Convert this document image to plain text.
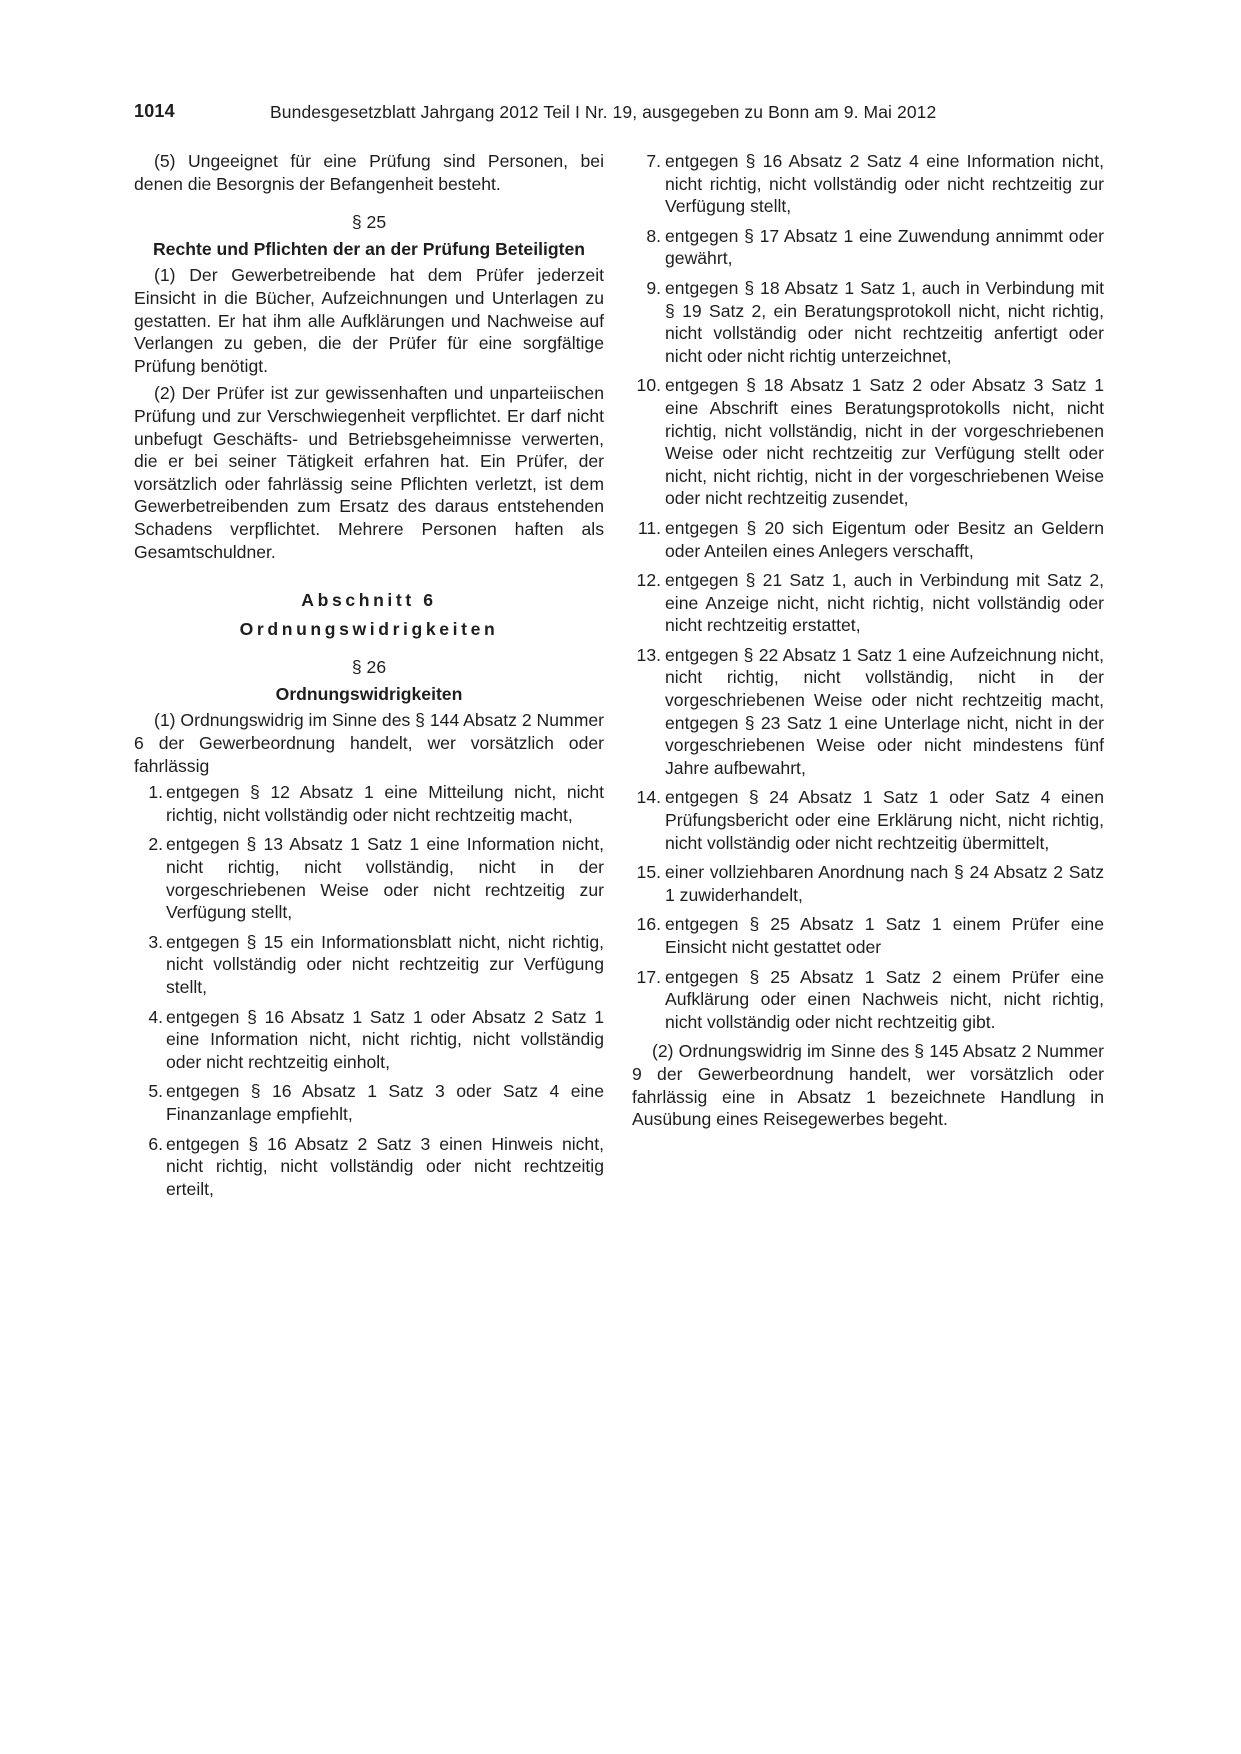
1014	Bundesgesetzblatt Jahrgang 2012 Teil I Nr. 19, ausgegeben zu Bonn am 9. Mai 2012

(5) Ungeeignet für eine Prüfung sind Personen, bei denen die Besorgnis der Befangenheit besteht.

§ 25

Rechte und Pflichten der an der Prüfung Beteiligten

(1) Der Gewerbetreibende hat dem Prüfer jederzeit Einsicht in die Bücher, Aufzeichnungen und Unterlagen zu gestatten. Er hat ihm alle Aufklärungen und Nachweise auf Verlangen zu geben, die der Prüfer für eine sorgfältige Prüfung benötigt.

(2) Der Prüfer ist zur gewissenhaften und unparteiischen Prüfung und zur Verschwiegenheit verpflichtet. Er darf nicht unbefugt Geschäfts- und Betriebsgeheimnisse verwerten, die er bei seiner Tätigkeit erfahren hat. Ein Prüfer, der vorsätzlich oder fahrlässig seine Pflichten verletzt, ist dem Gewerbetreibenden zum Ersatz des daraus entstehenden Schadens verpflichtet. Mehrere Personen haften als Gesamtschuldner.

Abschnitt 6

Ordnungswidrigkeiten

§ 26

Ordnungswidrigkeiten

(1) Ordnungswidrig im Sinne des § 144 Absatz 2 Nummer 6 der Gewerbeordnung handelt, wer vorsätzlich oder fahrlässig

1. entgegen § 12 Absatz 1 eine Mitteilung nicht, nicht richtig, nicht vollständig oder nicht rechtzeitig macht,
2. entgegen § 13 Absatz 1 Satz 1 eine Information nicht, nicht richtig, nicht vollständig, nicht in der vorgeschriebenen Weise oder nicht rechtzeitig zur Verfügung stellt,
3. entgegen § 15 ein Informationsblatt nicht, nicht richtig, nicht vollständig oder nicht rechtzeitig zur Verfügung stellt,
4. entgegen § 16 Absatz 1 Satz 1 oder Absatz 2 Satz 1 eine Information nicht, nicht richtig, nicht vollständig oder nicht rechtzeitig einholt,
5. entgegen § 16 Absatz 1 Satz 3 oder Satz 4 eine Finanzanlage empfiehlt,
6. entgegen § 16 Absatz 2 Satz 3 einen Hinweis nicht, nicht richtig, nicht vollständig oder nicht rechtzeitig erteilt,
7. entgegen § 16 Absatz 2 Satz 4 eine Information nicht, nicht richtig, nicht vollständig oder nicht rechtzeitig zur Verfügung stellt,
8. entgegen § 17 Absatz 1 eine Zuwendung annimmt oder gewährt,
9. entgegen § 18 Absatz 1 Satz 1, auch in Verbindung mit § 19 Satz 2, ein Beratungsprotokoll nicht, nicht richtig, nicht vollständig oder nicht rechtzeitig anfertigt oder nicht oder nicht richtig unterzeichnet,
10. entgegen § 18 Absatz 1 Satz 2 oder Absatz 3 Satz 1 eine Abschrift eines Beratungsprotokolls nicht, nicht richtig, nicht vollständig, nicht in der vorgeschriebenen Weise oder nicht rechtzeitig zur Verfügung stellt oder nicht, nicht richtig, nicht in der vorgeschriebenen Weise oder nicht rechtzeitig zusendet,
11. entgegen § 20 sich Eigentum oder Besitz an Geldern oder Anteilen eines Anlegers verschafft,
12. entgegen § 21 Satz 1, auch in Verbindung mit Satz 2, eine Anzeige nicht, nicht richtig, nicht vollständig oder nicht rechtzeitig erstattet,
13. entgegen § 22 Absatz 1 Satz 1 eine Aufzeichnung nicht, nicht richtig, nicht vollständig, nicht in der vorgeschriebenen Weise oder nicht rechtzeitig macht, entgegen § 23 Satz 1 eine Unterlage nicht, nicht in der vorgeschriebenen Weise oder nicht mindestens fünf Jahre aufbewahrt,
14. entgegen § 24 Absatz 1 Satz 1 oder Satz 4 einen Prüfungsbericht oder eine Erklärung nicht, nicht richtig, nicht vollständig oder nicht rechtzeitig übermittelt,
15. einer vollziehbaren Anordnung nach § 24 Absatz 2 Satz 1 zuwiderhandelt,
16. entgegen § 25 Absatz 1 Satz 1 einem Prüfer eine Einsicht nicht gestattet oder
17. entgegen § 25 Absatz 1 Satz 2 einem Prüfer eine Aufklärung oder einen Nachweis nicht, nicht richtig, nicht vollständig oder nicht rechtzeitig gibt.

(2) Ordnungswidrig im Sinne des § 145 Absatz 2 Nummer 9 der Gewerbeordnung handelt, wer vorsätzlich oder fahrlässig eine in Absatz 1 bezeichnete Handlung in Ausübung eines Reisegewerbes begeht.
